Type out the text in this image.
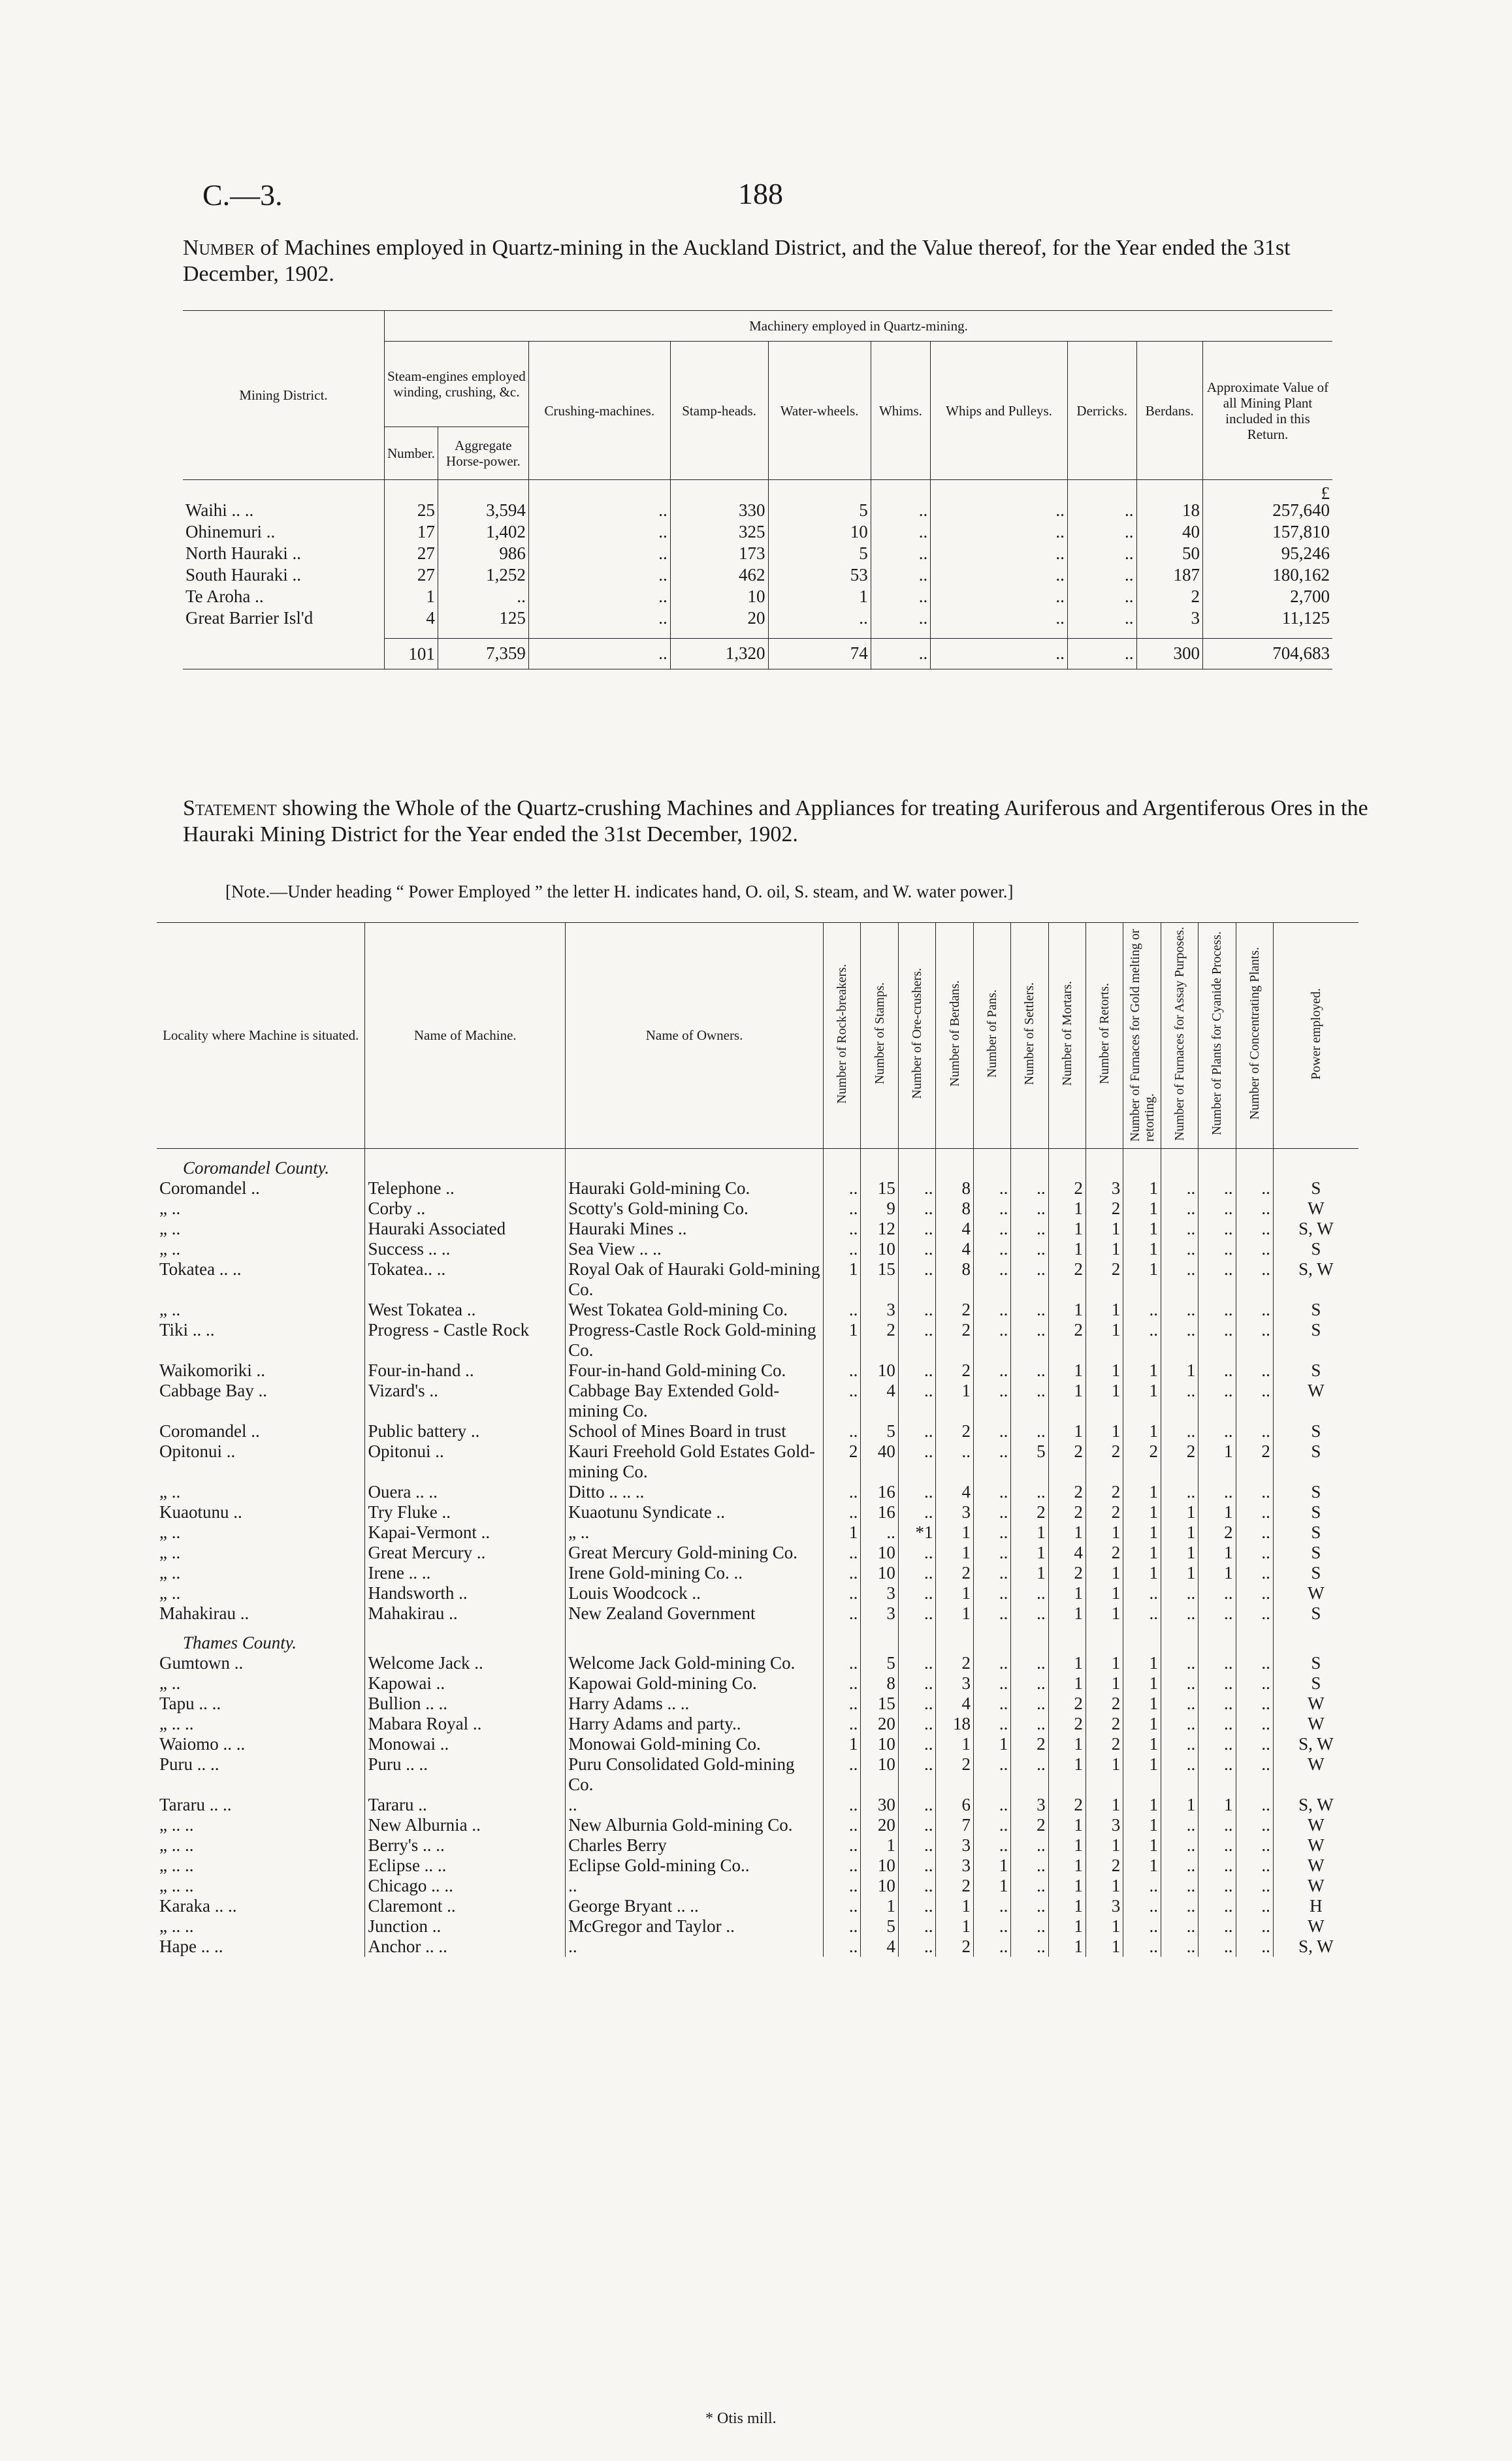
C.—3.	188
Number of Machines employed in Quartz-mining in the Auckland District, and the Value thereof, for the Year ended the 31st December, 1902.
Mining District.	Machinery employed in Quartz-mining.									
	Steam-engines employed winding, crushing, &c.		Crushing-machines.	Stamp-heads.	Water-wheels.	Whims.	Whips and Pulleys.	Derricks.	Berdans.	Approximate Value of all Mining Plant included in this Return.
	Number.	Aggregate Horse-power.								
										£
Waihi .. ..	25	3,594	..	330	5	..	..	..	18	257,640
Ohinemuri ..	17	1,402	..	325	10	..	..	..	40	157,810
North Hauraki ..	27	986	..	173	5	..	..	..	50	95,246
South Hauraki ..	27	1,252	..	462	53	..	..	..	187	180,162
Te Aroha ..	1	..	..	10	1	..	..	..	2	2,700
Great Barrier Isl'd	4	125	..	20	..	..	..	..	3	11,125

	101	7,359	..	1,320	74	..	..	..	300	704,683
Statement showing the Whole of the Quartz-crushing Machines and Appliances for treating Auriferous and Argentiferous Ores in the Hauraki Mining District for the Year ended the 31st December, 1902.
[Note.—Under heading “ Power Employed ” the letter H. indicates hand, O. oil, S. steam, and W. water power.]
Locality where Machine is situated.	Name of Machine.	Name of Owners.	Number of Rock-breakers.	Number of Stamps.	Number of Ore-crushers.	Number of Berdans.	Number of Pans.	Number of Settlers.	Number of Mortars.	Number of Retorts.	Number of Furnaces for Gold melting or retorting.	Number of Furnaces for Assay Purposes.	Number of Plants for Cyanide Process.	Number of Concentrating Plants.	Power employed.
Coromandel County.															
Coromandel ..	Telephone ..	Hauraki Gold-mining Co.	..	15	..	8	..	..	2	3	1	..	..	..	S
„ ..	Corby ..	Scotty's Gold-mining Co.	..	9	..	8	..	..	1	2	1	..	..	..	W
„ ..	Hauraki Associated	Hauraki Mines ..	..	12	..	4	..	..	1	1	1	..	..	..	S, W
„ ..	Success .. ..	Sea View .. ..	..	10	..	4	..	..	1	1	1	..	..	..	S
Tokatea .. ..	Tokatea.. ..	Royal Oak of Hauraki Gold-mining Co.	1	15	..	8	..	..	2	2	1	..	..	..	S, W
„ ..	West Tokatea ..	West Tokatea Gold-mining Co.	..	3	..	2	..	..	1	1	..	..	..	..	S
Tiki .. ..	Progress - Castle Rock	Progress-Castle Rock Gold-mining Co.	1	2	..	2	..	..	2	1	..	..	..	..	S
Waikomoriki ..	Four-in-hand ..	Four-in-hand Gold-mining Co.	..	10	..	2	..	..	1	1	1	1	..	..	S
Cabbage Bay ..	Vizard's ..	Cabbage Bay Extended Gold-mining Co.	..	4	..	1	..	..	1	1	1	..	..	..	W
Coromandel ..	Public battery ..	School of Mines Board in trust	..	5	..	2	..	..	1	1	1	..	..	..	S
Opitonui ..	Opitonui ..	Kauri Freehold Gold Estates Gold-mining Co.	2	40	..	..	..	5	2	2	2	2	1	2	S
„ ..	Ouera .. ..	Ditto .. .. ..	..	16	..	4	..	..	2	2	1	..	..	..	S
Kuaotunu ..	Try Fluke ..	Kuaotunu Syndicate ..	..	16	..	3	..	2	2	2	1	1	1	..	S
„ ..	Kapai-Vermont ..	„ ..	1	..	*1	1	..	1	1	1	1	1	2	..	S
„ ..	Great Mercury ..	Great Mercury Gold-mining Co.	..	10	..	1	..	1	4	2	1	1	1	..	S
„ ..	Irene .. ..	Irene Gold-mining Co. ..	..	10	..	2	..	1	2	1	1	1	1	..	S
„ ..	Handsworth ..	Louis Woodcock ..	..	3	..	1	..	..	1	1	..	..	..	..	W
Mahakirau ..	Mahakirau ..	New Zealand Government	..	3	..	1	..	..	1	1	..	..	..	..	S
Thames County.															
Gumtown ..	Welcome Jack ..	Welcome Jack Gold-mining Co.	..	5	..	2	..	..	1	1	1	..	..	..	S
„ ..	Kapowai ..	Kapowai Gold-mining Co.	..	8	..	3	..	..	1	1	1	..	..	..	S
Tapu .. ..	Bullion .. ..	Harry Adams .. ..	..	15	..	4	..	..	2	2	1	..	..	..	W
„ .. ..	Mabara Royal ..	Harry Adams and party..	..	20	..	18	..	..	2	2	1	..	..	..	W
Waiomo .. ..	Monowai ..	Monowai Gold-mining Co.	1	10	..	1	1	2	1	2	1	..	..	..	S, W
Puru .. ..	Puru .. ..	Puru Consolidated Gold-mining Co.	..	10	..	2	..	..	1	1	1	..	..	..	W
Tararu .. ..	Tararu ..	..	..	30	..	6	..	3	2	1	1	1	1	..	S, W
„ .. ..	New Alburnia ..	New Alburnia Gold-mining Co.	..	20	..	7	..	2	1	3	1	..	..	..	W
„ .. ..	Berry's .. ..	Charles Berry	..	1	..	3	..	..	1	1	1	..	..	..	W
„ .. ..	Eclipse .. ..	Eclipse Gold-mining Co..	..	10	..	3	1	..	1	2	1	..	..	..	W
„ .. ..	Chicago .. ..	..	..	10	..	2	1	..	1	1	..	..	..	..	W
Karaka .. ..	Claremont ..	George Bryant .. ..	..	1	..	1	..	..	1	3	..	..	..	..	H
„ .. ..	Junction ..	McGregor and Taylor ..	..	5	..	1	..	..	1	1	..	..	..	..	W
Hape .. ..	Anchor .. ..	..	..	4	..	2	..	..	1	1	..	..	..	..	S, W
* Otis mill.
